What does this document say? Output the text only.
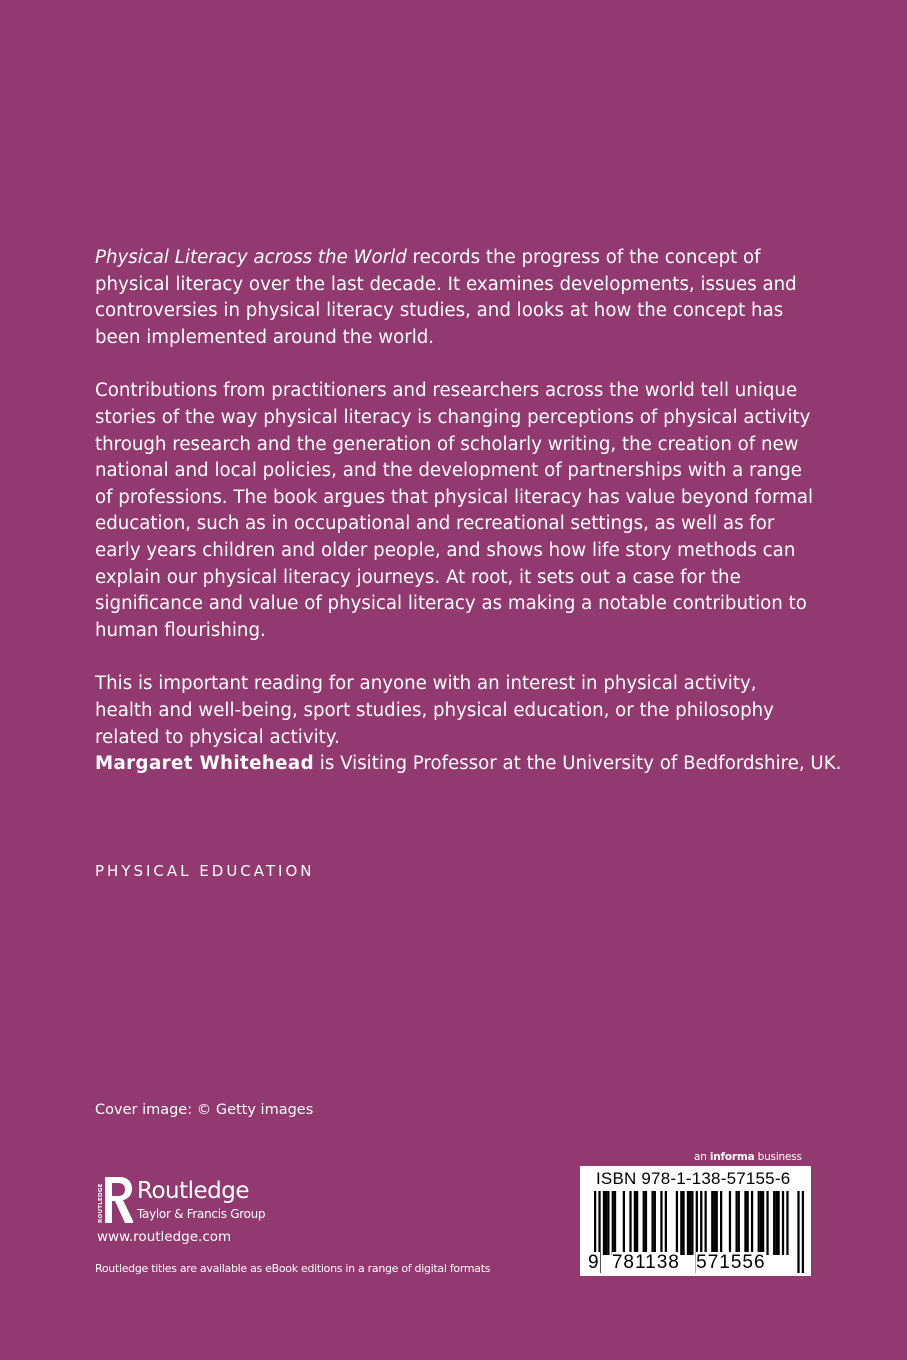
Physical Literacy across the World records the progress of the concept of physical literacy over the last decade. It examines developments, issues and controversies in physical literacy studies, and looks at how the concept has been implemented around the world.

Contributions from practitioners and researchers across the world tell unique stories of the way physical literacy is changing perceptions of physical activity through research and the generation of scholarly writing, the creation of new national and local policies, and the development of partnerships with a range of professions. The book argues that physical literacy has value beyond formal education, such as in occupational and recreational settings, as well as for early years children and older people, and shows how life story methods can explain our physical literacy journeys. At root, it sets out a case for the significance and value of physical literacy as making a notable contribution to human flourishing.

This is important reading for anyone with an interest in physical activity, health and well-being, sport studies, physical education, or the philosophy related to physical activity.

Margaret Whitehead is Visiting Professor at the University of Bedfordshire, UK.
PHYSICAL EDUCATION
Cover image: © Getty images
ROUTLEDGE Routledge
Taylor & Francis Group
www.routledge.com
Routledge titles are available as eBook editions in a range of digital formats
an informa business
ISBN 978-1-138-57155-6
9 781138 571556
